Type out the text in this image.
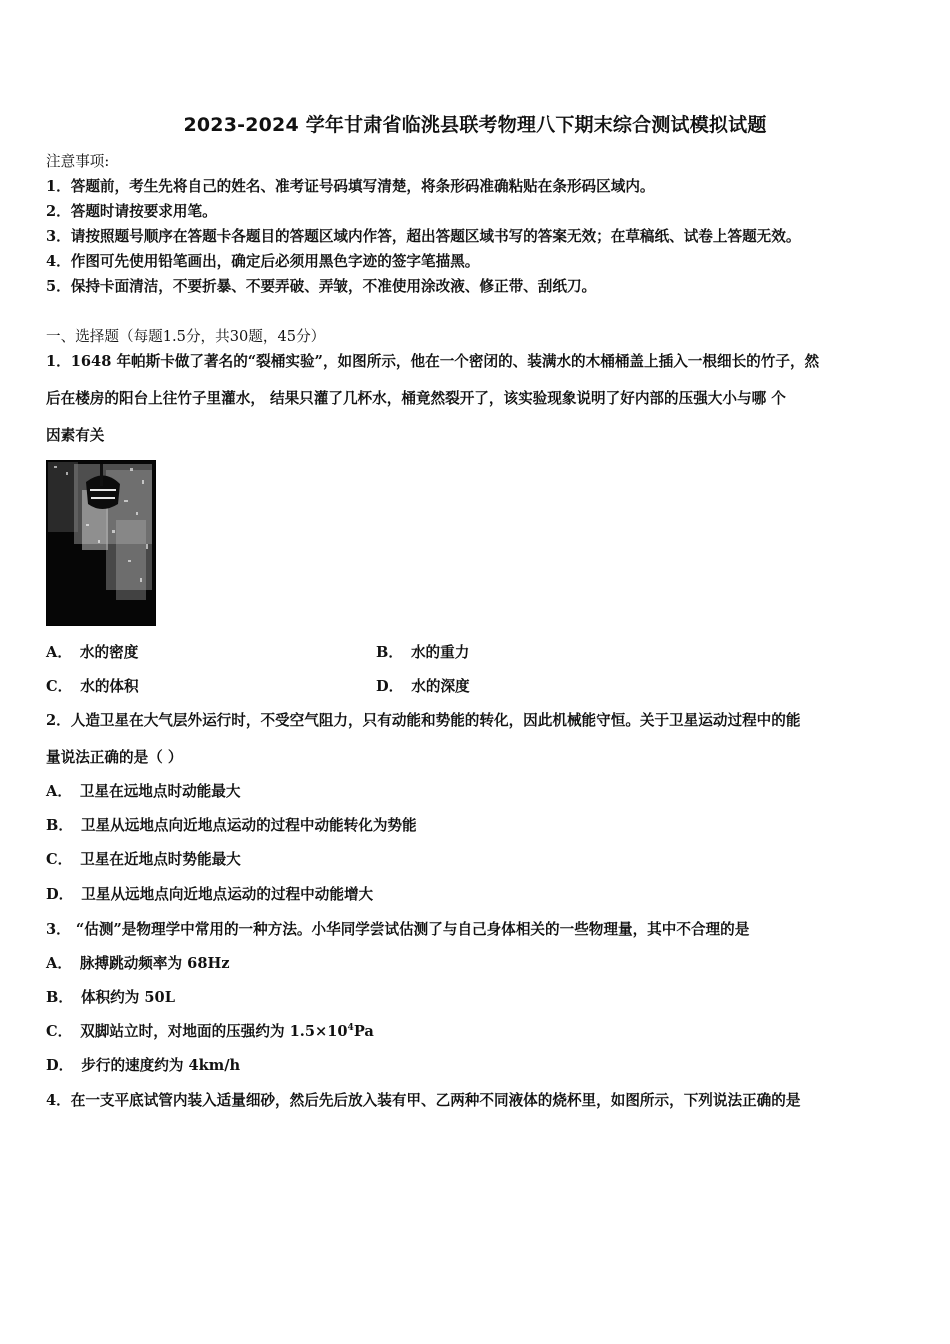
2023-2024 学年甘肃省临洮县联考物理八下期末综合测试模拟试题
注意事项:
1．答题前，考生先将自己的姓名、准考证号码填写清楚，将条形码准确粘贴在条形码区域内。
2．答题时请按要求用笔。
3．请按照题号顺序在答题卡各题目的答题区域内作答，超出答题区域书写的答案无效；在草稿纸、试卷上答题无效。
4．作图可先使用铅笔画出，确定后必须用黑色字迹的签字笔描黑。
5．保持卡面清洁，不要折暴、不要弄破、弄皱，不准使用涂改液、修正带、刮纸刀。
一、选择题（每题1.5分，共30题，45分）
1．1648 年帕斯卡做了著名的“裂桶实验”，如图所示，他在一个密闭的、装满水的木桶桶盖上插入一根细长的竹子，然
后在楼房的阳台上往竹子里灌水， 结果只灌了几杯水，桶竟然裂开了，该实验现象说明了好内部的压强大小与哪 个
因素有关
A． 水的密度	B． 水的重力
C． 水的体积	D． 水的深度
2．人造卫星在大气层外运行时，不受空气阻力，只有动能和势能的转化，因此机械能守恒。关于卫星运动过程中的能
量说法正确的是（ ）
A． 卫星在远地点时动能最大
B． 卫星从远地点向近地点运动的过程中动能转化为势能
C． 卫星在近地点时势能最大
D． 卫星从远地点向近地点运动的过程中动能增大
3． “估测”是物理学中常用的一种方法。小华同学尝试估测了与自己身体相关的一些物理量，其中不合理的是
A． 脉搏跳动频率为 68Hz
B． 体积约为 50L
C． 双脚站立时，对地面的压强约为 $1.5\times 10^4Pa$
D． 步行的速度约为 4km/h
4．在一支平底试管内装入适量细砂，然后先后放入装有甲、乙两种不同液体的烧杯里，如图所示，下列说法正确的是
